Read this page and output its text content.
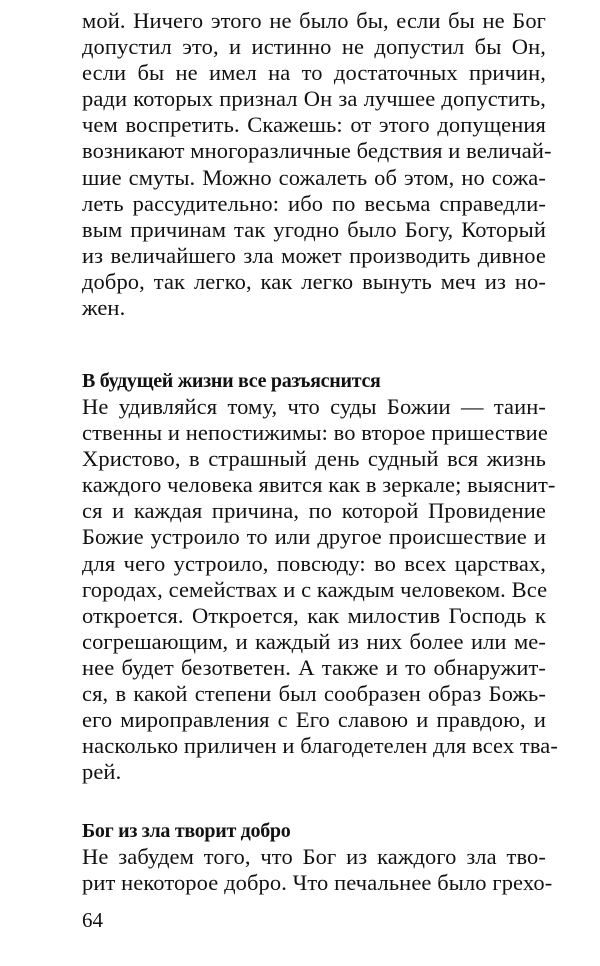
мой. Ничего этого не было бы, если бы не Бог
допустил это, и истинно не допустил бы Он,
если бы не имел на то достаточных причин,
ради которых признал Он за лучшее допустить,
чем воспретить. Скажешь: от этого допущения
возникают многоразличные бедствия и величай-
шие смуты. Можно сожалеть об этом, но сожа-
леть рассудительно: ибо по весьма справедли-
вым причинам так угодно было Богу, Который
из величайшего зла может производить дивное
добро, так легко, как легко вынуть меч из но-
жен.
В будущей жизни все разъяснится
Не удивляйся тому, что суды Божии — таин-
ственны и непостижимы: во второе пришествие
Христово, в страшный день судный вся жизнь
каждого человека явится как в зеркале; выяснит-
ся и каждая причина, по которой Провидение
Божие устроило то или другое происшествие и
для чего устроило, повсюду: во всех царствах,
городах, семействах и с каждым человеком. Все
откроется. Откроется, как милостив Господь к
согрешающим, и каждый из них более или ме-
нее будет безответен. А также и то обнаружит-
ся, в какой степени был сообразен образ Божь-
его мироправления с Его славою и правдою, и
насколько приличен и благодетелен для всех тва-
рей.
Бог из зла творит добро
Не забудем того, что Бог из каждого зла тво-
рит некоторое добро. Что печальнее было грехо-
64
